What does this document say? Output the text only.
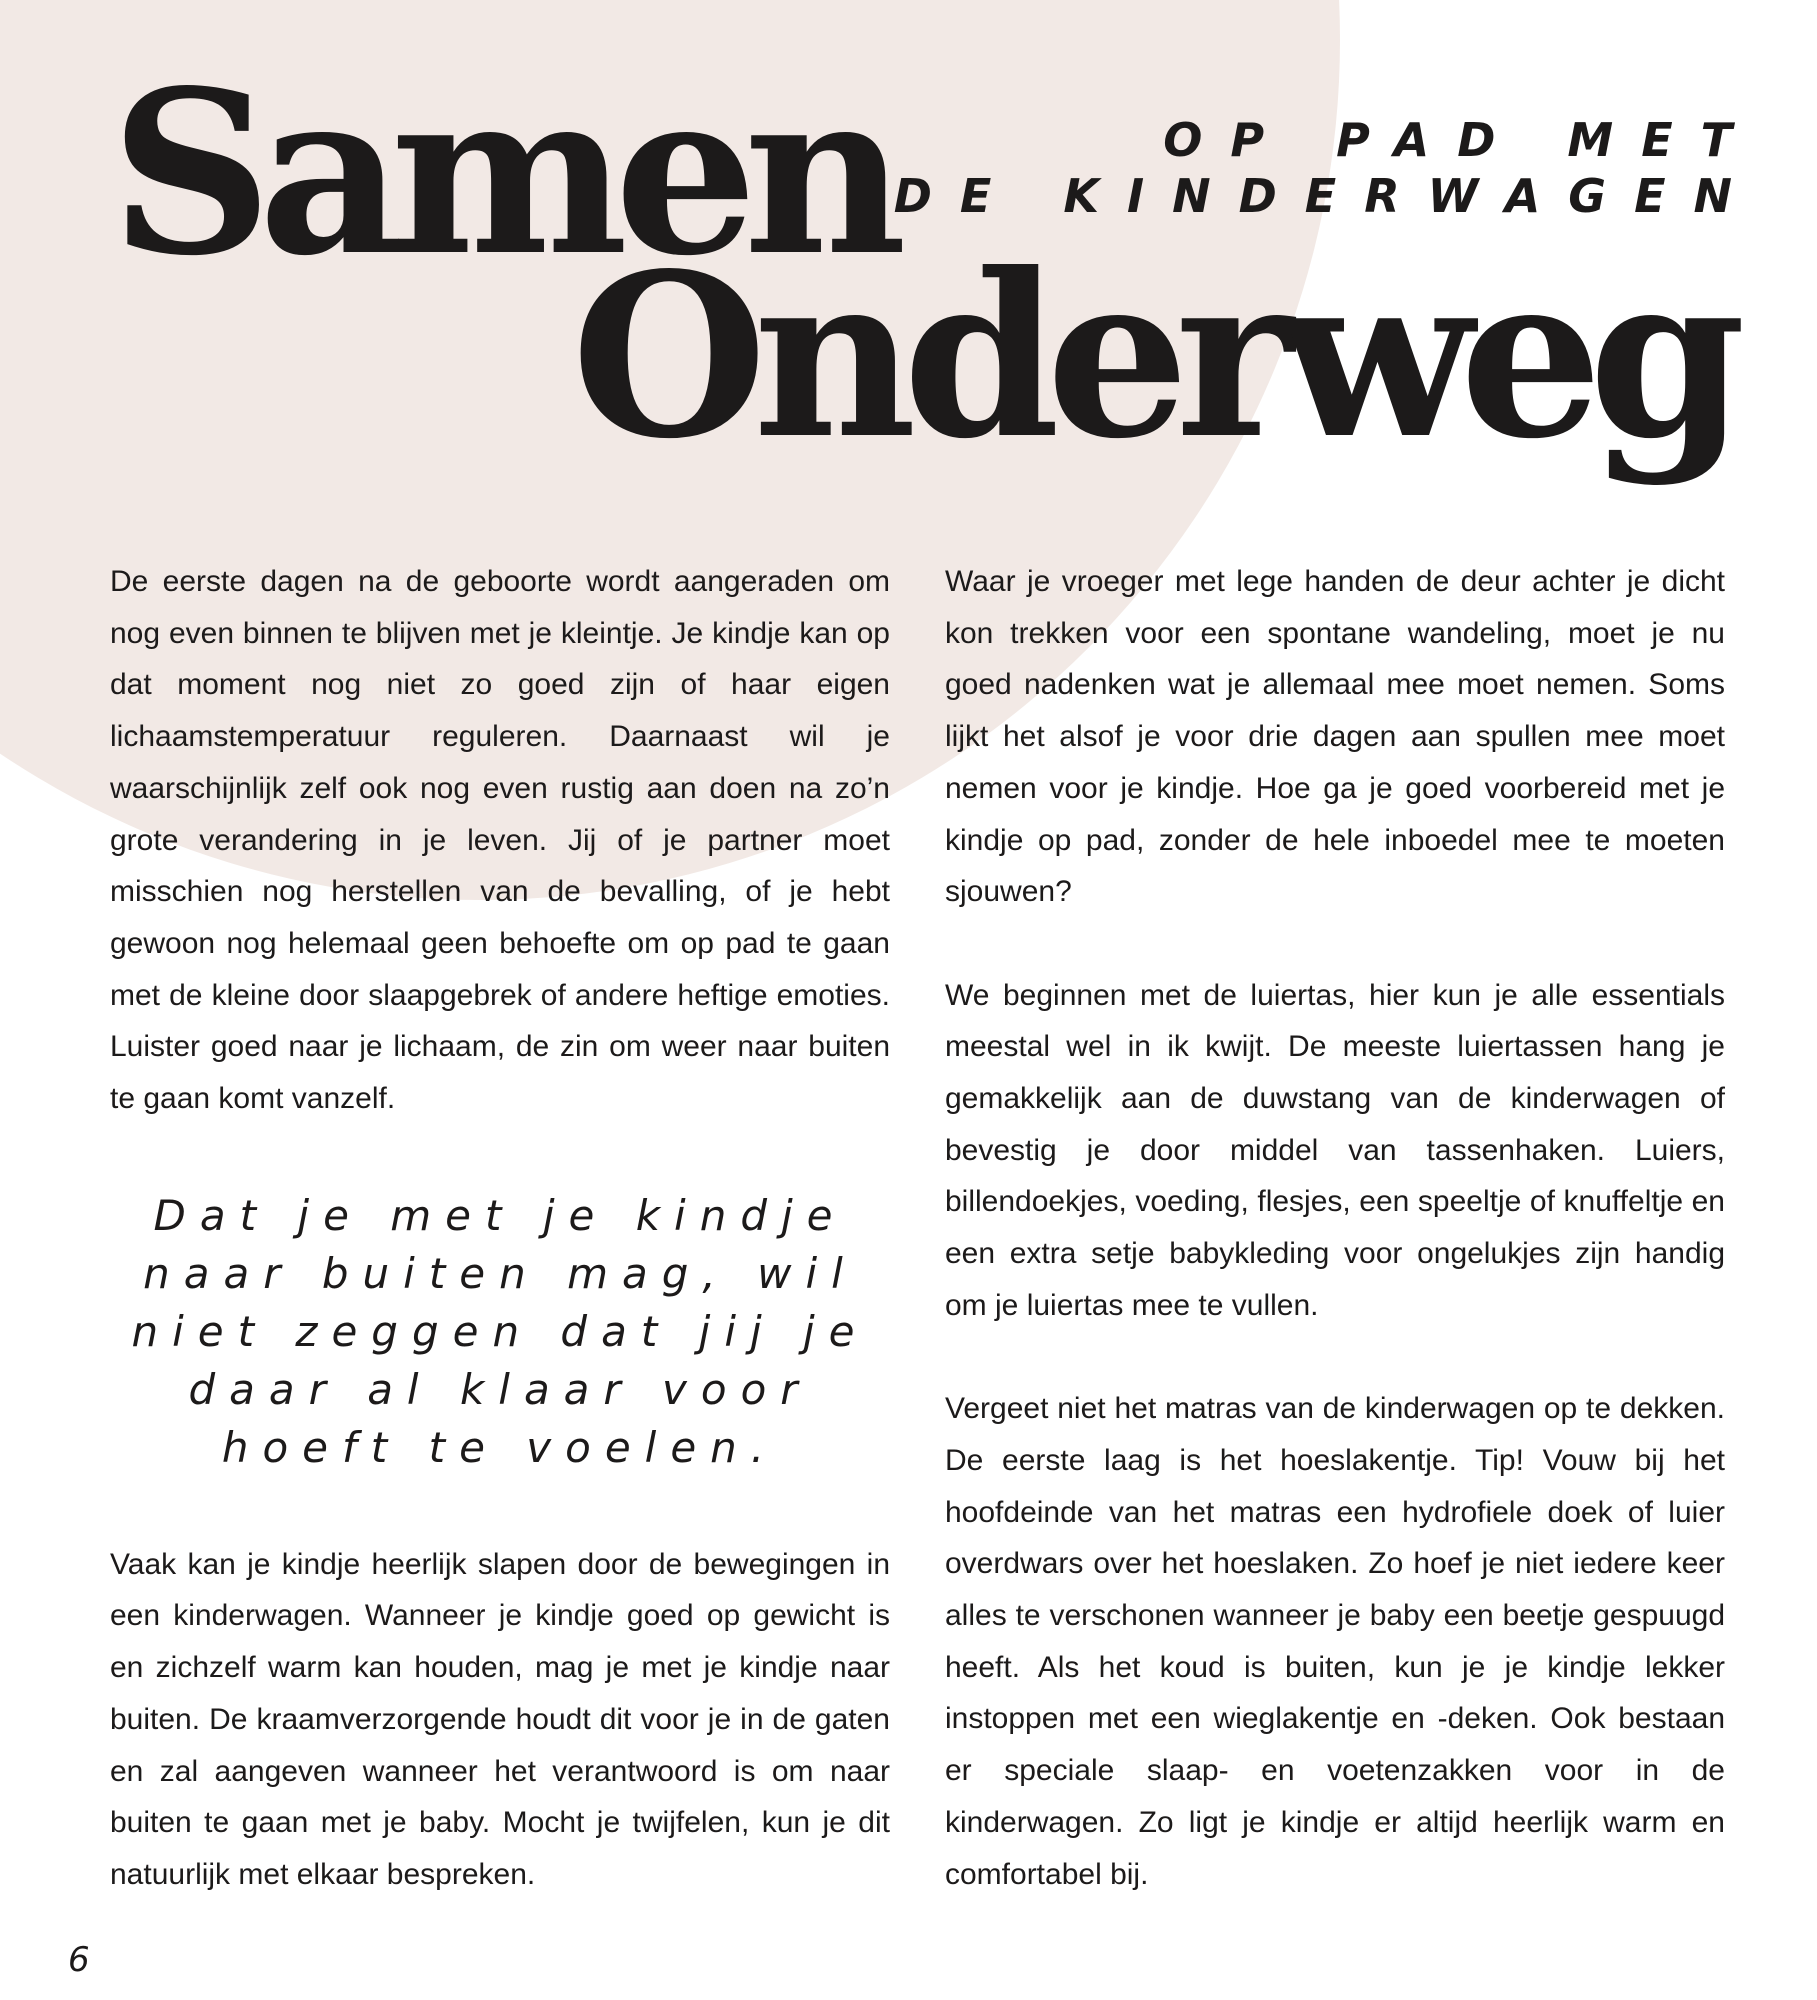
Samen
Onderweg
OP PAD MET
DE KINDERWAGEN

De eerste dagen na de geboorte wordt aangeraden om nog even binnen te blijven met je kleintje. Je kindje kan op dat moment nog niet zo goed zijn of haar eigen lichaamstemperatuur reguleren. Daarnaast wil je waarschijnlijk zelf ook nog even rustig aan doen na zo’n grote verandering in je leven. Jij of je partner moet misschien nog herstellen van de bevalling, of je hebt gewoon nog helemaal geen behoefte om op pad te gaan met de kleine door slaapgebrek of andere heftige emoties. Luister goed naar je lichaam, de zin om weer naar buiten te gaan komt vanzelf.

Dat je met je kindje naar buiten mag, wil niet zeggen dat jij je daar al klaar voor hoeft te voelen.

Vaak kan je kindje heerlijk slapen door de bewegingen in een kinderwagen. Wanneer je kindje goed op gewicht is en zichzelf warm kan houden, mag je met je kindje naar buiten. De kraamverzorgende houdt dit voor je in de gaten en zal aangeven wanneer het verantwoord is om naar buiten te gaan met je baby. Mocht je twijfelen, kun je dit natuurlijk met elkaar bespreken.

Waar je vroeger met lege handen de deur achter je dicht kon trekken voor een spontane wandeling, moet je nu goed nadenken wat je allemaal mee moet nemen. Soms lijkt het alsof je voor drie dagen aan spullen mee moet nemen voor je kindje. Hoe ga je goed voorbereid met je kindje op pad, zonder de hele inboedel mee te moeten sjouwen?

We beginnen met de luiertas, hier kun je alle essentials meestal wel in ik kwijt. De meeste luiertassen hang je gemakkelijk aan de duwstang van de kinderwagen of bevestig je door middel van tassenhaken. Luiers, billendoekjes, voeding, flesjes, een speeltje of knuffeltje en een extra setje babykleding voor ongelukjes zijn handig om je luiertas mee te vullen.

Vergeet niet het matras van de kinderwagen op te dekken. De eerste laag is het hoeslakentje. Tip! Vouw bij het hoofdeinde van het matras een hydrofiele doek of luier overdwars over het hoeslaken. Zo hoef je niet iedere keer alles te verschonen wanneer je baby een beetje gespuugd heeft. Als het koud is buiten, kun je je kindje lekker instoppen met een wieglakentje en -deken. Ook bestaan er speciale slaap- en voetenzakken voor in de kinderwagen. Zo ligt je kindje er altijd heerlijk warm en comfortabel bij.

6
